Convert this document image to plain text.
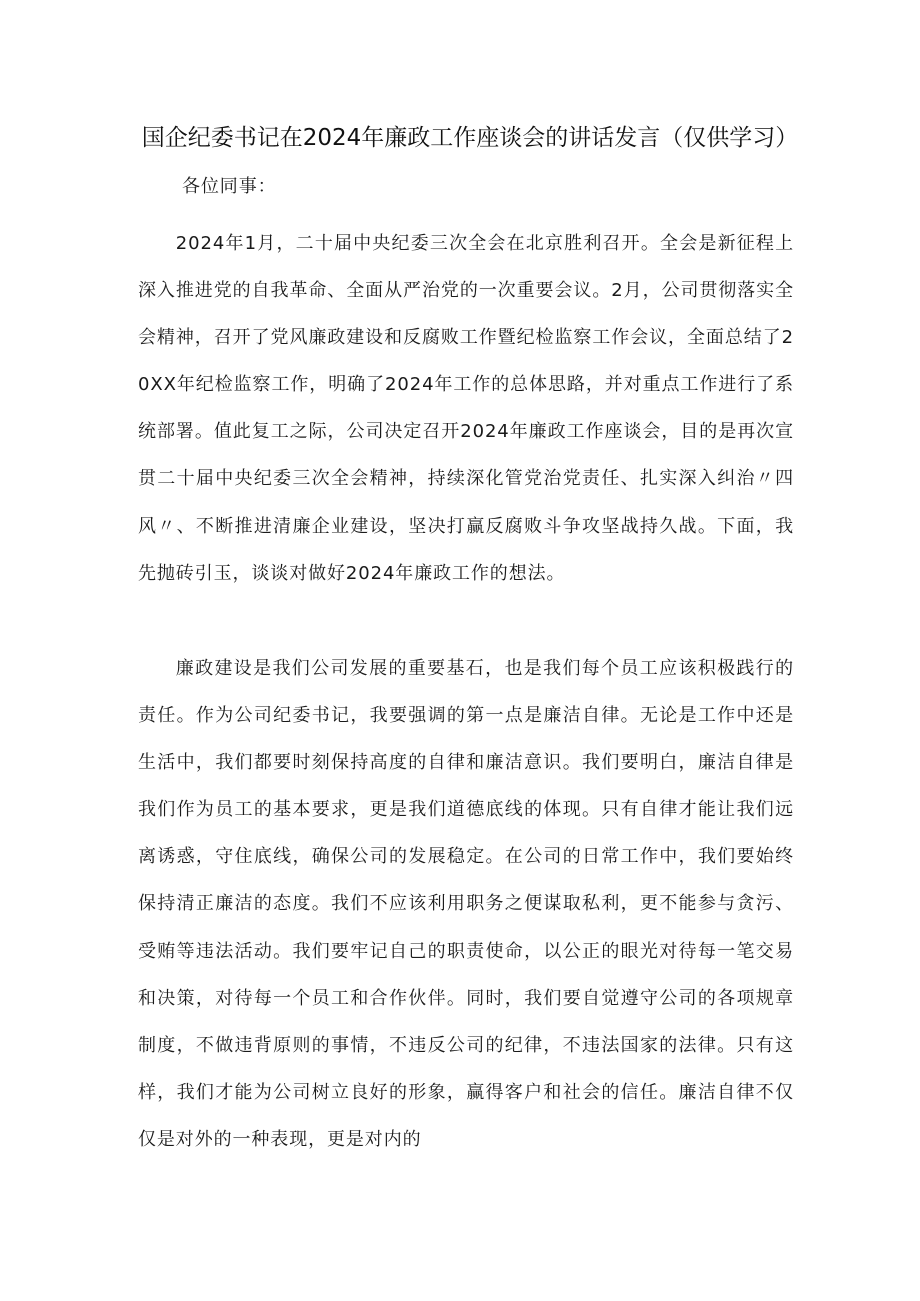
国企纪委书记在2024年廉政工作座谈会的讲话发言（仅供学习）
各位同事：

2024年1月，二十届中央纪委三次全会在北京胜利召开。全会是新征程上深入推进党的自我革命、全面从严治党的一次重要会议。2月，公司贯彻落实全会精神，召开了党风廉政建设和反腐败工作暨纪检监察工作会议，全面总结了20XX年纪检监察工作，明确了2024年工作的总体思路，并对重点工作进行了系统部署。值此复工之际，公司决定召开2024年廉政工作座谈会，目的是再次宣贯二十届中央纪委三次全会精神，持续深化管党治党责任、扎实深入纠治〃四风〃、不断推进清廉企业建设，坚决打赢反腐败斗争攻坚战持久战。下面，我先抛砖引玉，谈谈对做好2024年廉政工作的想法。

廉政建设是我们公司发展的重要基石，也是我们每个员工应该积极践行的责任。作为公司纪委书记，我要强调的第一点是廉洁自律。无论是工作中还是生活中，我们都要时刻保持高度的自律和廉洁意识。我们要明白，廉洁自律是我们作为员工的基本要求，更是我们道德底线的体现。只有自律才能让我们远离诱惑，守住底线，确保公司的发展稳定。在公司的日常工作中，我们要始终保持清正廉洁的态度。我们不应该利用职务之便谋取私利，更不能参与贪污、受贿等违法活动。我们要牢记自己的职责使命，以公正的眼光对待每一笔交易和决策，对待每一个员工和合作伙伴。同时，我们要自觉遵守公司的各项规章制度，不做违背原则的事情，不违反公司的纪律，不违法国家的法律。只有这样，我们才能为公司树立良好的形象，赢得客户和社会的信任。廉洁自律不仅仅是对外的一种表现，更是对内的
